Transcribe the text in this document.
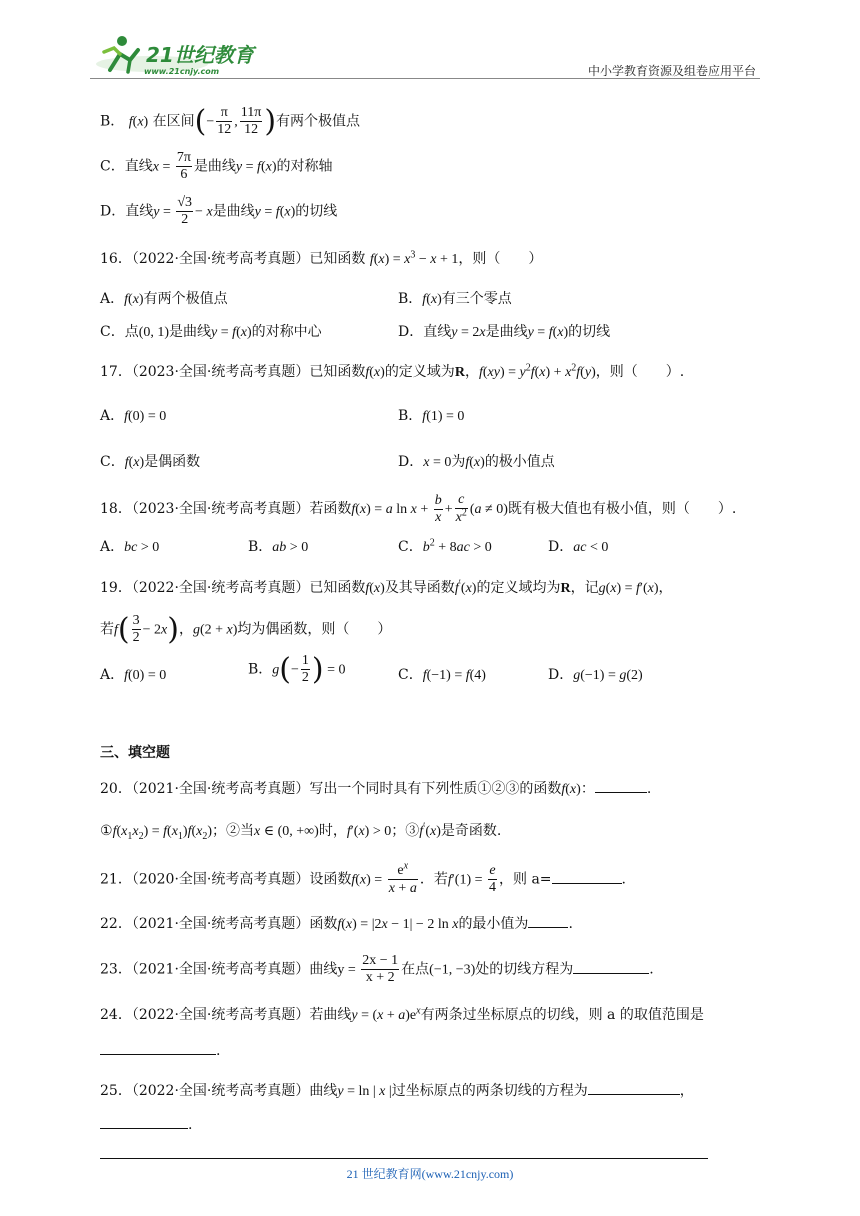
21世纪教育
www.21cnjy.com	中小学教育资源及组卷应用平台
B． f(x) 在区间(− $\frac{\pi}{12}$ , $\frac{11\pi}{12}$ )有两个极值点
C．直线$x = \frac{7\pi}{6}$ 是曲线y = f(x)的对称轴
D．直线$y = \frac{√3}{2} - x$是曲线y = f(x)的切线
16．（2022·全国·统考高考真题）已知函数 $f(x) = x^3 - x + 1$，则（　　）
A．f(x)有两个极值点	B．f(x)有三个零点
C．点(0, 1)是曲线y = f(x)的对称中心	D．直线y = 2x是曲线y = f(x)的切线
17．（2023·全国·统考高考真题）已知函数f(x)的定义域为R，$f(xy) = y^2f(x) + x^2f(y)$，则（　　）.
A．f(0) = 0	B．f(1) = 0
C．f(x)是偶函数	D．x = 0为f(x)的极小值点
18．（2023·全国·统考高考真题）若函数f(x) = a $\ln x + \frac{b}{x} + \frac{c}{x^2} (a \ne 0)$既有极大值也有极小值，则（　　）.
A．bc > 0	B．ab > 0	C．$b^2 + 8ac > 0$	D．ac < 0
19．（2022·全国·统考高考真题）已知函数f(x)及其导函数f′(x)的定义域均为R，记g(x) = f′(x)，
若$f( \frac{3}{2} - 2x)$，g(2 + x)均为偶函数，则（　　）
A．f(0) = 0	B．$g(- \frac{1}{2}$ ) = 0	C．f(−1) = f(4)	D．g(−1) = g(2)
三、填空题
20．（2021·全国·统考高考真题）写出一个同时具有下列性质①②③的函数f(x)：	.
$①f(x_1x_2) = f(x_1)f(x_2)$；②当x ∈ (0, +∞)时，f′(x) > 0；③f′(x)是奇函数.
21．（2020·全国·统考高考真题）设函数$f(x) = \frac{e^x}{x + a}$ ．若$f'(1) = \frac{e}{4}$ ，则 a=	.
22．（2021·全国·统考高考真题）函数f(x) = |2x − 1| − 2 ln x的最小值为	.
23．（2021·全国·统考高考真题）曲线$y = \frac{2x - 1}{x + 2}$ 在点(−1, −3)处的切线方程为	.
24．（2022·全国·统考高考真题）若曲线$y = (x + a)e^x$有两条过坐标原点的切线，则 a 的取值范围是
.
25．（2022·全国·统考高考真题）曲线y = ln | x |过坐标原点的两条切线的方程为	，
.
21 世纪教育网(www.21cnjy.com)
